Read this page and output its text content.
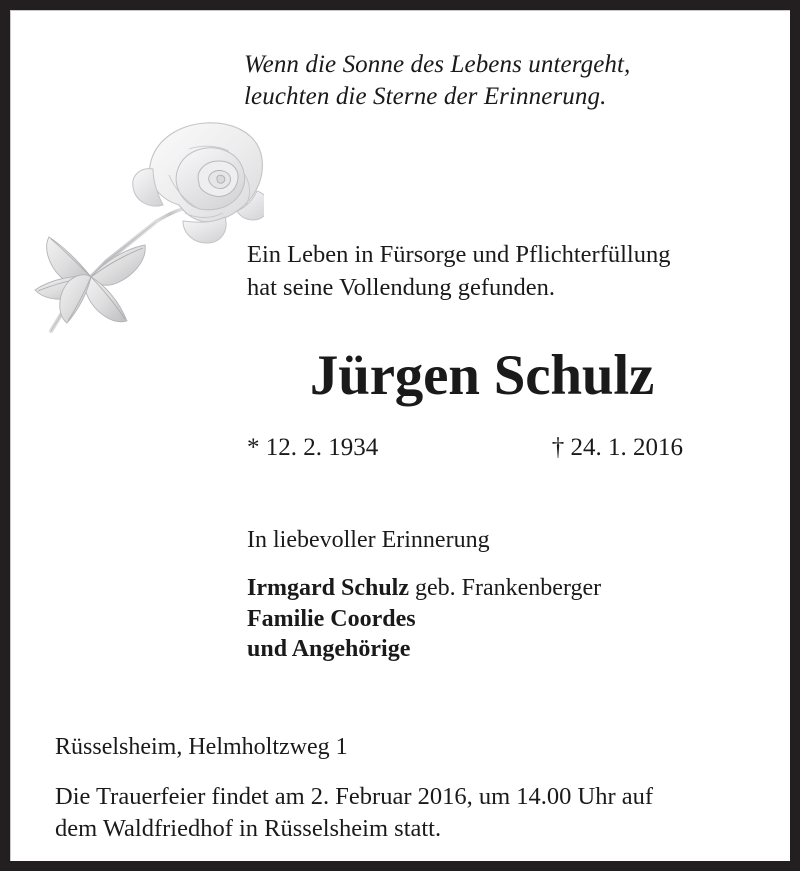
Wenn die Sonne des Lebens untergeht,
leuchten die Sterne der Erinnerung.
Ein Leben in Fürsorge und Pflichterfüllung
hat seine Vollendung gefunden.
Jürgen Schulz
* 12. 2. 1934	† 24. 1. 2016
In liebevoller Erinnerung
Irmgard Schulz geb. Frankenberger
Familie Coordes
und Angehörige
Rüsselsheim, Helmholtzweg 1
Die Trauerfeier findet am 2. Februar 2016, um 14.00 Uhr auf
dem Waldfriedhof in Rüsselsheim statt.
